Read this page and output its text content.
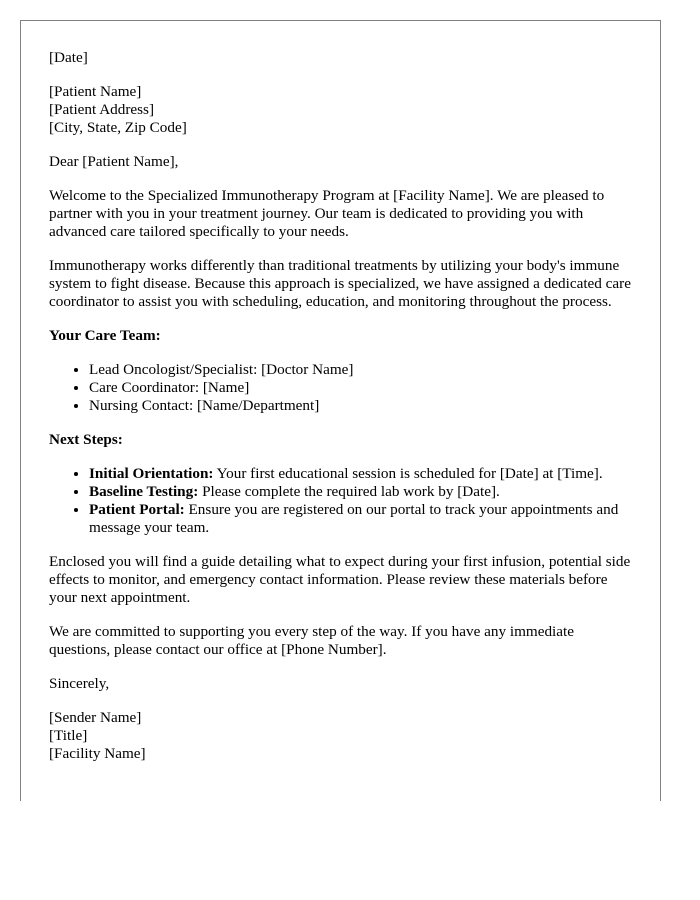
[Date]

[Patient Name]
[Patient Address]
[City, State, Zip Code]

Dear [Patient Name],

Welcome to the Specialized Immunotherapy Program at [Facility Name]. We are pleased to partner with you in your treatment journey. Our team is dedicated to providing you with advanced care tailored specifically to your needs.

Immunotherapy works differently than traditional treatments by utilizing your body's immune system to fight disease. Because this approach is specialized, we have assigned a dedicated care coordinator to assist you with scheduling, education, and monitoring throughout the process.

Your Care Team:

• Lead Oncologist/Specialist: [Doctor Name]
• Care Coordinator: [Name]
• Nursing Contact: [Name/Department]

Next Steps:

• Initial Orientation: Your first educational session is scheduled for [Date] at [Time].
• Baseline Testing: Please complete the required lab work by [Date].
• Patient Portal: Ensure you are registered on our portal to track your appointments and message your team.

Enclosed you will find a guide detailing what to expect during your first infusion, potential side effects to monitor, and emergency contact information. Please review these materials before your next appointment.

We are committed to supporting you every step of the way. If you have any immediate questions, please contact our office at [Phone Number].

Sincerely,

[Sender Name]
[Title]
[Facility Name]
